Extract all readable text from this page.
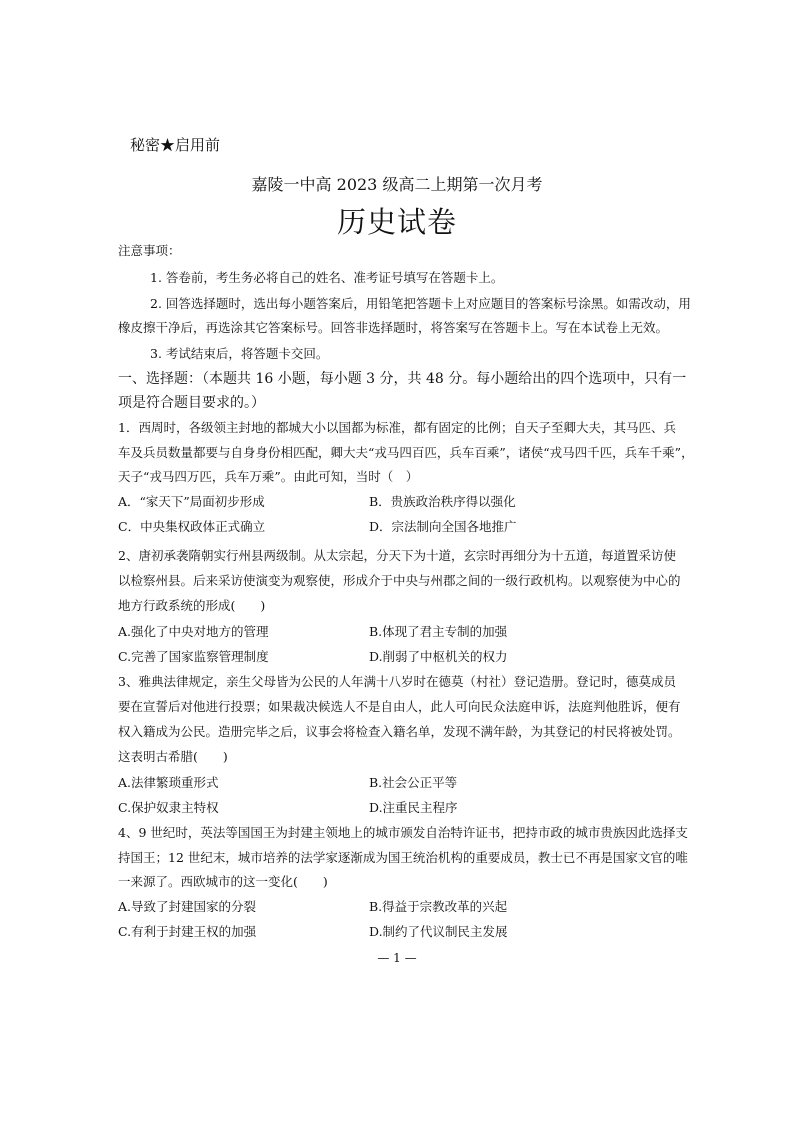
秘密★启用前
嘉陵一中高 2023 级高二上期第一次月考
历史试卷
注意事项：
1. 答卷前，考生务必将自己的姓名、准考证号填写在答题卡上。
2. 回答选择题时，选出每小题答案后，用铅笔把答题卡上对应题目的答案标号涂黑。如需改动，用
橡皮擦干净后，再选涂其它答案标号。回答非选择题时，将答案写在答题卡上。写在本试卷上无效。
3. 考试结束后，将答题卡交回。
一、选择题：（本题共 16 小题，每小题 3 分，共 48 分。每小题给出的四个选项中，只有一
项是符合题目要求的。）
1．西周时，各级领主封地的都城大小以国都为标准，都有固定的比例；自天子至卿大夫，其马匹、兵
车及兵员数量都要与自身身份相匹配，卿大夫“戎马四百匹，兵车百乘”，诸侯“戎马四千匹，兵车千乘”，
天子“戎马四万匹，兵车万乘”。由此可知，当时（　）
A．“家天下”局面初步形成	B．贵族政治秩序得以强化
C．中央集权政体正式确立	D．宗法制向全国各地推广
2、唐初承袭隋朝实行州县两级制。从太宗起，分天下为十道，玄宗时再细分为十五道，每道置采访使
以检察州县。后来采访使演变为观察使，形成介于中央与州郡之间的一级行政机构。以观察使为中心的
地方行政系统的形成(　　)
A.强化了中央对地方的管理	B.体现了君主专制的加强
C.完善了国家监察管理制度	D.削弱了中枢机关的权力
3、雅典法律规定，亲生父母皆为公民的人年满十八岁时在德莫（村社）登记造册。登记时，德莫成员
要在宣誓后对他进行投票；如果裁决候选人不是自由人，此人可向民众法庭申诉，法庭判他胜诉，便有
权入籍成为公民。造册完毕之后，议事会将检查入籍名单，发现不满年龄，为其登记的村民将被处罚。
这表明古希腊(　　)
A.法律繁琐重形式	B.社会公正平等
C.保护奴隶主特权	D.注重民主程序
4、9 世纪时，英法等国国王为封建主领地上的城市颁发自治特许证书，把持市政的城市贵族因此选择支
持国王；12 世纪末，城市培养的法学家逐渐成为国王统治机构的重要成员，教士已不再是国家文官的唯
一来源了。西欧城市的这一变化(　　)
A.导致了封建国家的分裂	B.得益于宗教改革的兴起
C.有利于封建王权的加强	D.制约了代议制民主发展
— 1 —
